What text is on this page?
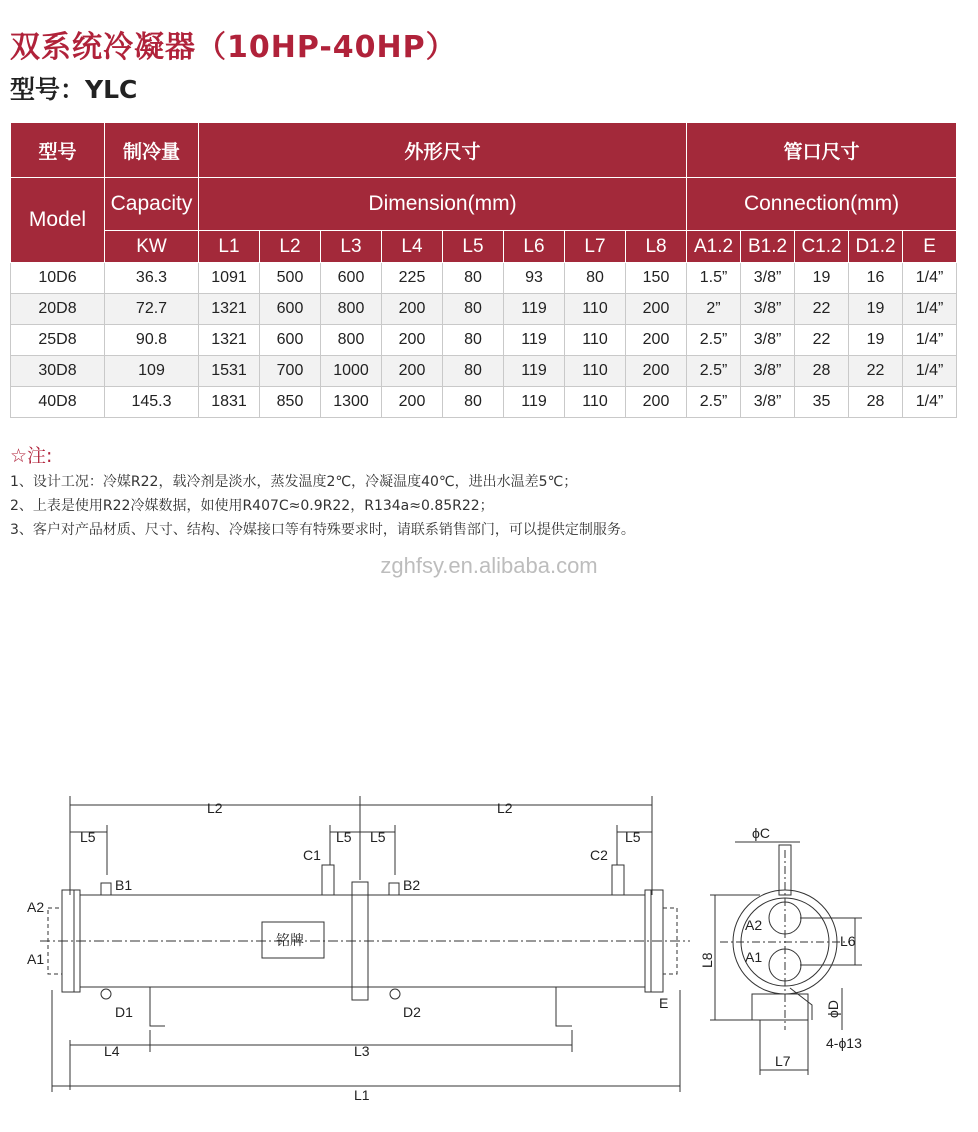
双系统冷凝器（10HP-40HP）
型号：YLC
型号	制冷量	外形尺寸								管口尺寸				
Model	Capacity	Dimension(mm)								Connection(mm)				
	KW	L1	L2	L3	L4	L5	L6	L7	L8	A1.2	B1.2	C1.2	D1.2	E
10D6	36.3	1091	500	600	225	80	93	80	150	1.5”	3/8”	19	16	1/4”
20D8	72.7	1321	600	800	200	80	119	110	200	2”	3/8”	22	19	1/4”
25D8	90.8	1321	600	800	200	80	119	110	200	2.5”	3/8”	22	19	1/4”
30D8	109	1531	700	1000	200	80	119	110	200	2.5”	3/8”	28	22	1/4”
40D8	145.3	1831	850	1300	200	80	119	110	200	2.5”	3/8”	35	28	1/4”
☆注:
1、设计工况：冷媒R22，载冷剂是淡水，蒸发温度2℃，冷凝温度40℃，进出水温差5℃；
2、上表是使用R22冷媒数据，如使用R407C≈0.9R22，R134a≈0.85R22；
3、客户对产品材质、尺寸、结构、冷媒接口等有特殊要求时，请联系销售部门，可以提供定制服务。
zghfsy.en.alibaba.com
L2	L2
L5	L5 L5	L5
C1	C2
B1	B2
A2
A1
D1	D2
E
铭牌
L4	L3
L1
ϕC
A2
A1
L6
L7
4-ϕ13
ϕD
L8
